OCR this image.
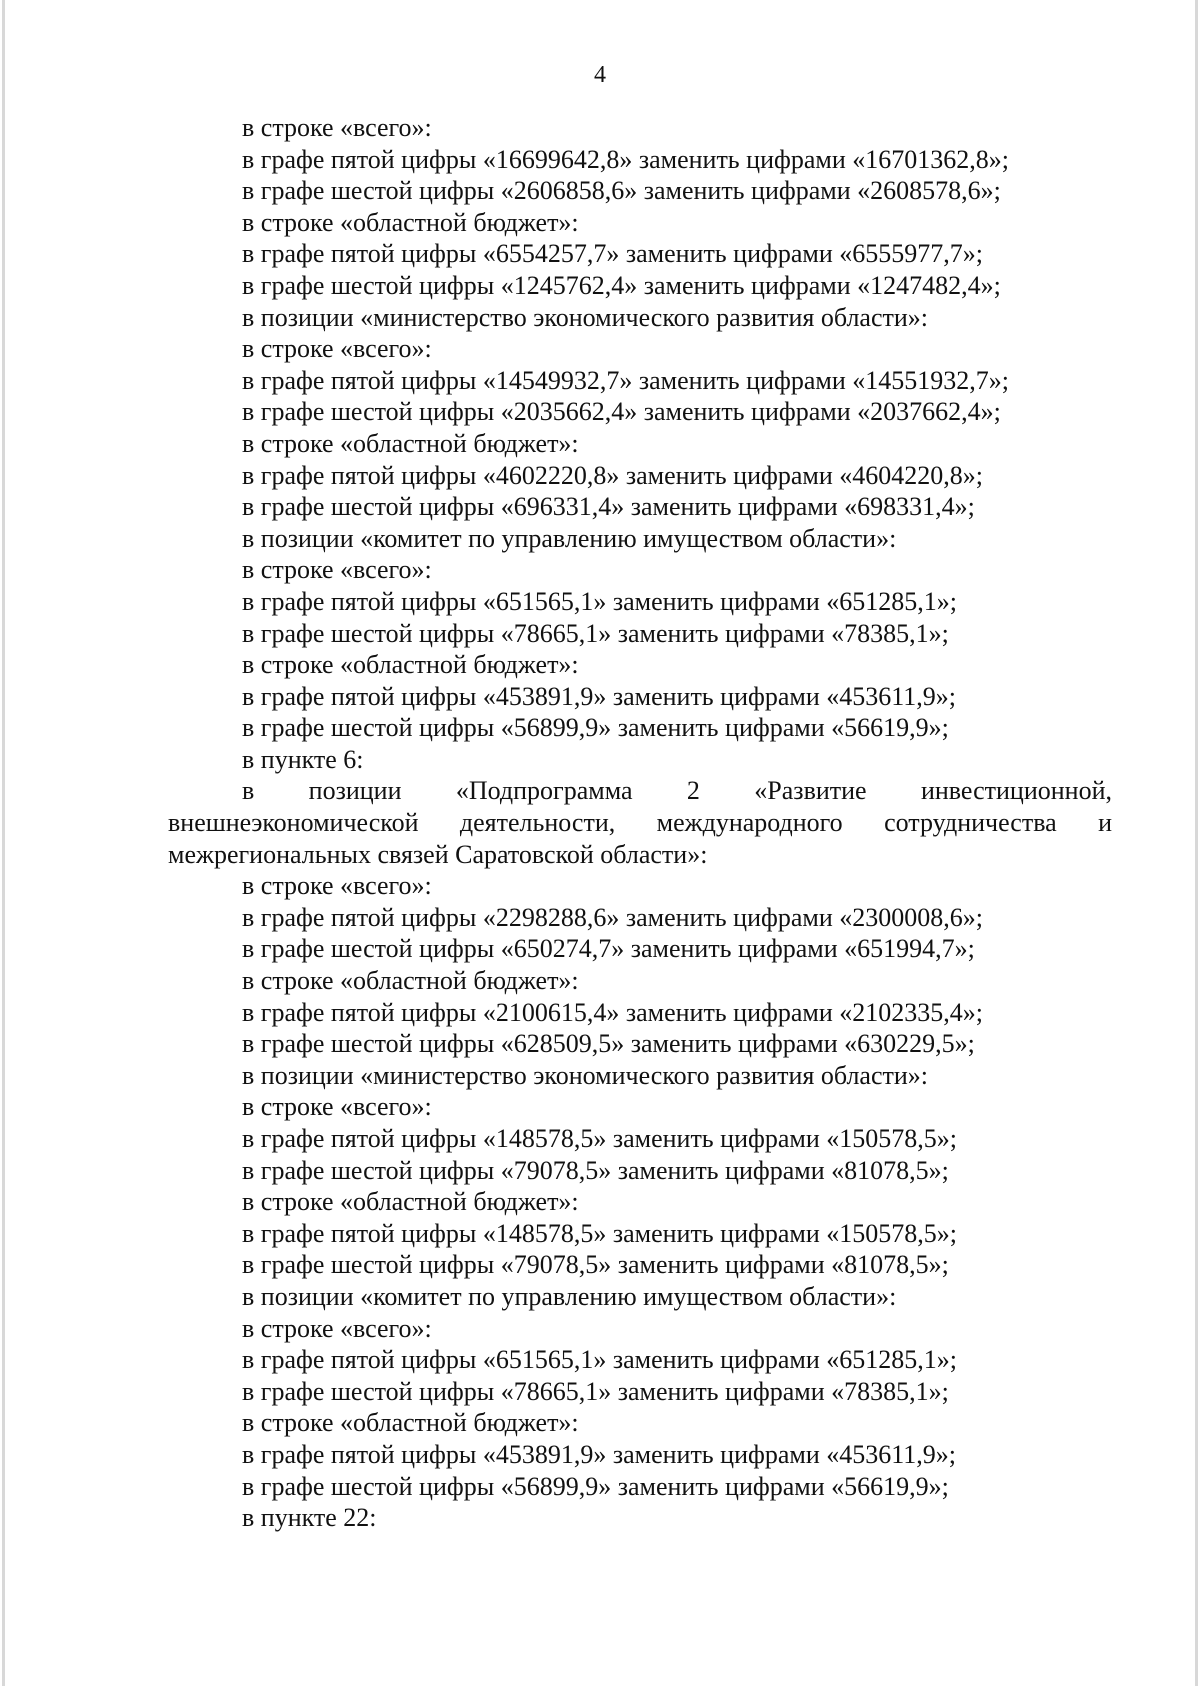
4

в строке «всего»:

в графе пятой цифры «16699642,8» заменить цифрами «16701362,8»;

в графе шестой цифры «2606858,6» заменить цифрами «2608578,6»;

в строке «областной бюджет»:

в графе пятой цифры «6554257,7» заменить цифрами «6555977,7»;

в графе шестой цифры «1245762,4» заменить цифрами «1247482,4»;

в позиции «министерство экономического развития области»:

в строке «всего»:

в графе пятой цифры «14549932,7» заменить цифрами «14551932,7»;

в графе шестой цифры «2035662,4» заменить цифрами «2037662,4»;

в строке «областной бюджет»:

в графе пятой цифры «4602220,8» заменить цифрами «4604220,8»;

в графе шестой цифры «696331,4» заменить цифрами «698331,4»;

в позиции «комитет по управлению имуществом области»:

в строке «всего»:

в графе пятой цифры «651565,1» заменить цифрами «651285,1»;

в графе шестой цифры «78665,1» заменить цифрами «78385,1»;

в строке «областной бюджет»:

в графе пятой цифры «453891,9» заменить цифрами «453611,9»;

в графе шестой цифры «56899,9» заменить цифрами «56619,9»;

в пункте 6:

в позиции «Подпрограмма 2 «Развитие инвестиционной, внешнеэкономической деятельности, международного сотрудничества и межрегиональных связей Саратовской области»:

в строке «всего»:

в графе пятой цифры «2298288,6» заменить цифрами «2300008,6»;

в графе шестой цифры «650274,7» заменить цифрами «651994,7»;

в строке «областной бюджет»:

в графе пятой цифры «2100615,4» заменить цифрами «2102335,4»;

в графе шестой цифры «628509,5» заменить цифрами «630229,5»;

в позиции «министерство экономического развития области»:

в строке «всего»:

в графе пятой цифры «148578,5» заменить цифрами «150578,5»;

в графе шестой цифры «79078,5» заменить цифрами «81078,5»;

в строке «областной бюджет»:

в графе пятой цифры «148578,5» заменить цифрами «150578,5»;

в графе шестой цифры «79078,5» заменить цифрами «81078,5»;

в позиции «комитет по управлению имуществом области»:

в строке «всего»:

в графе пятой цифры «651565,1» заменить цифрами «651285,1»;

в графе шестой цифры «78665,1» заменить цифрами «78385,1»;

в строке «областной бюджет»:

в графе пятой цифры «453891,9» заменить цифрами «453611,9»;

в графе шестой цифры «56899,9» заменить цифрами «56619,9»;

в пункте 22:
